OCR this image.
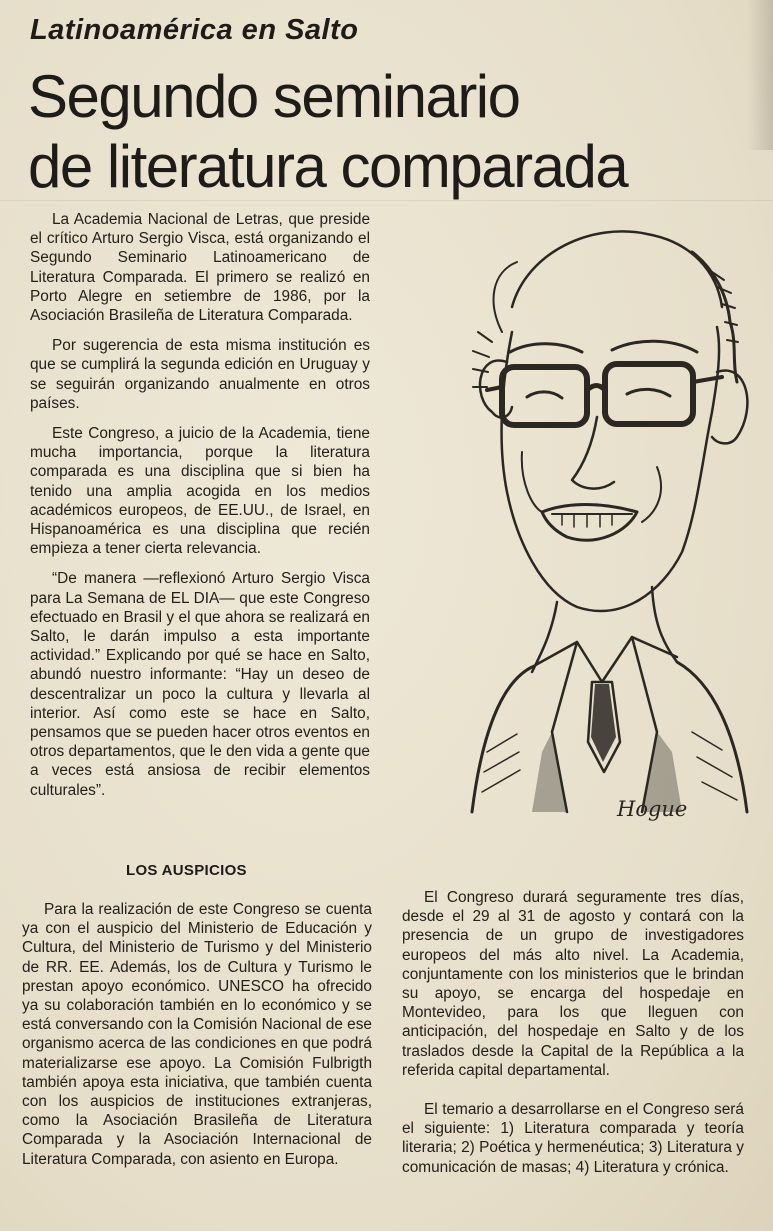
Latinoamérica en Salto
Segundo seminario
de literatura comparada

La Academia Nacional de Letras, que preside el crítico Arturo Sergio Visca, está organizando el Segundo Seminario Latinoamericano de Literatura Comparada. El primero se realizó en Porto Alegre en setiembre de 1986, por la Asociación Brasileña de Literatura Comparada.

Por sugerencia de esta misma institución es que se cumplirá la segunda edición en Uruguay y se seguirán organizando anualmente en otros países.

Este Congreso, a juicio de la Academia, tiene mucha importancia, porque la literatura comparada es una disciplina que si bien ha tenido una amplia acogida en los medios académicos europeos, de EE.UU., de Israel, en Hispanoamérica es una disciplina que recién empieza a tener cierta relevancia.

“De manera —reflexionó Arturo Sergio Visca para La Semana de EL DIA— que este Congreso efectuado en Brasil y el que ahora se realizará en Salto, le darán impulso a esta importante actividad.” Explicando por qué se hace en Salto, abundó nuestro informante: “Hay un deseo de descentralizar un poco la cultura y llevarla al interior. Así como este se hace en Salto, pensamos que se pueden hacer otros eventos en otros departamentos, que le den vida a gente que a veces está ansiosa de recibir elementos culturales”.

Hogue
LOS AUSPICIOS

Para la realización de este Congreso se cuenta ya con el auspicio del Ministerio de Educación y Cultura, del Ministerio de Turismo y del Ministerio de RR. EE. Además, los de Cultura y Turismo le prestan apoyo económico. UNESCO ha ofrecido ya su colaboración también en lo económico y se está conversando con la Comisión Nacional de ese organismo acerca de las condiciones en que podrá materializarse ese apoyo. La Comisión Fulbrigth también apoya esta iniciativa, que también cuenta con los auspicios de instituciones extranjeras, como la Asociación Brasileña de Literatura Comparada y la Asociación Internacional de Literatura Comparada, con asiento en Europa.

El Congreso durará seguramente tres días, desde el 29 al 31 de agosto y contará con la presencia de un grupo de investigadores europeos del más alto nivel. La Academia, conjuntamente con los ministerios que le brindan su apoyo, se encarga del hospedaje en Montevideo, para los que lleguen con anticipación, del hospedaje en Salto y de los traslados desde la Capital de la República a la referida capital departamental.

El temario a desarrollarse en el Congreso será el siguiente: 1) Literatura comparada y teoría literaria; 2) Poética y hermenéutica; 3) Literatura y comunicación de masas; 4) Literatura y crónica.
